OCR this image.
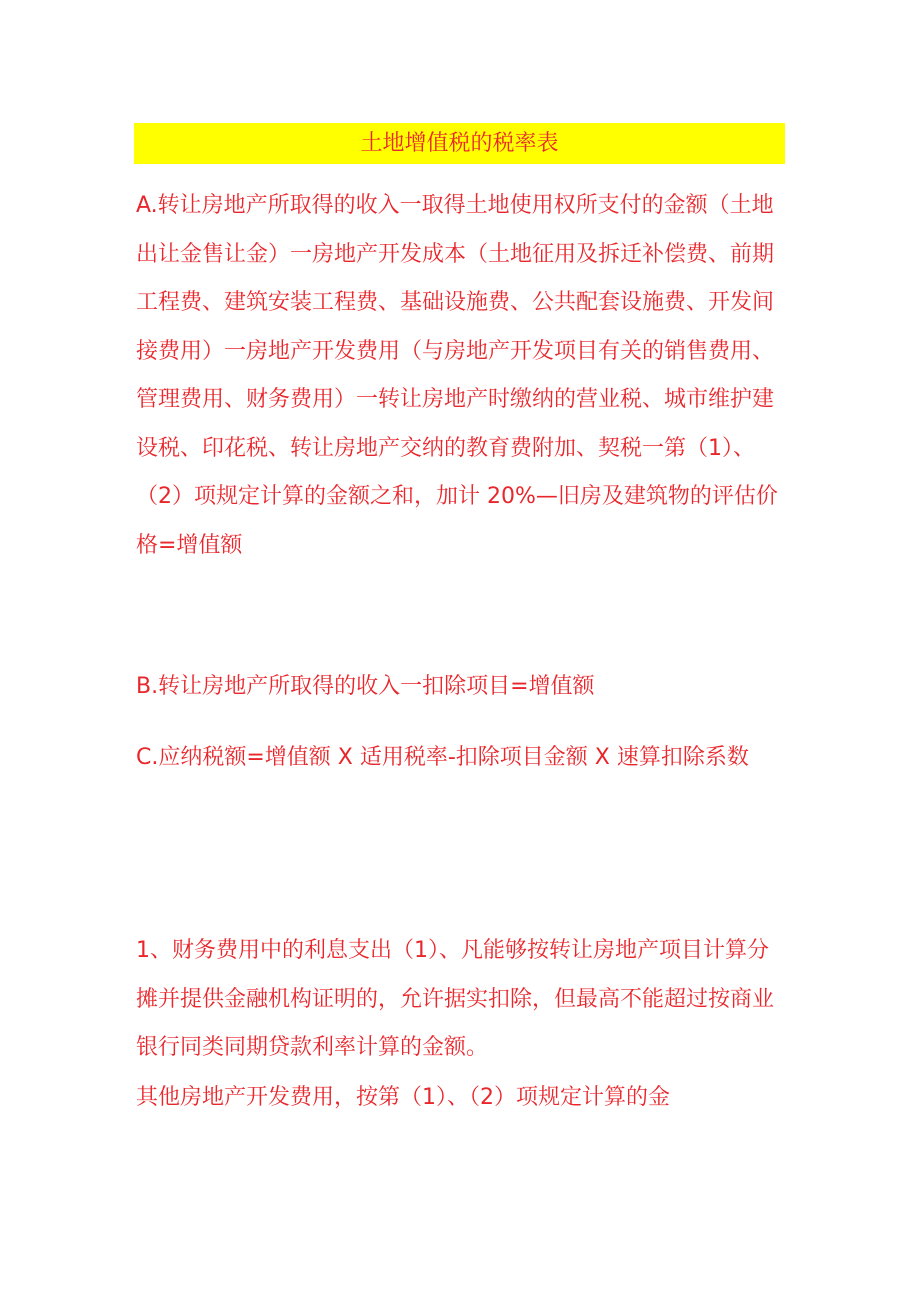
土地增值税的税率表

A.转让房地产所取得的收入一取得土地使用权所支付的金额（土地出让金售让金）一房地产开发成本（土地征用及拆迁补偿费、前期工程费、建筑安装工程费、基础设施费、公共配套设施费、开发间接费用）一房地产开发费用（与房地产开发项目有关的销售费用、管理费用、财务费用）一转让房地产时缴纳的营业税、城市维护建设税、印花税、转让房地产交纳的教育费附加、契税一第（1）、（2）项规定计算的金额之和，加计 20%—旧房及建筑物的评估价格=增值额

B.转让房地产所取得的收入一扣除项目=增值额

C.应纳税额=增值额 X 适用税率-扣除项目金额 X 速算扣除系数

1、财务费用中的利息支出（1）、凡能够按转让房地产项目计算分摊并提供金融机构证明的，允许据实扣除，但最高不能超过按商业银行同类同期贷款利率计算的金额。

其他房地产开发费用，按第（1）、（2）项规定计算的金
